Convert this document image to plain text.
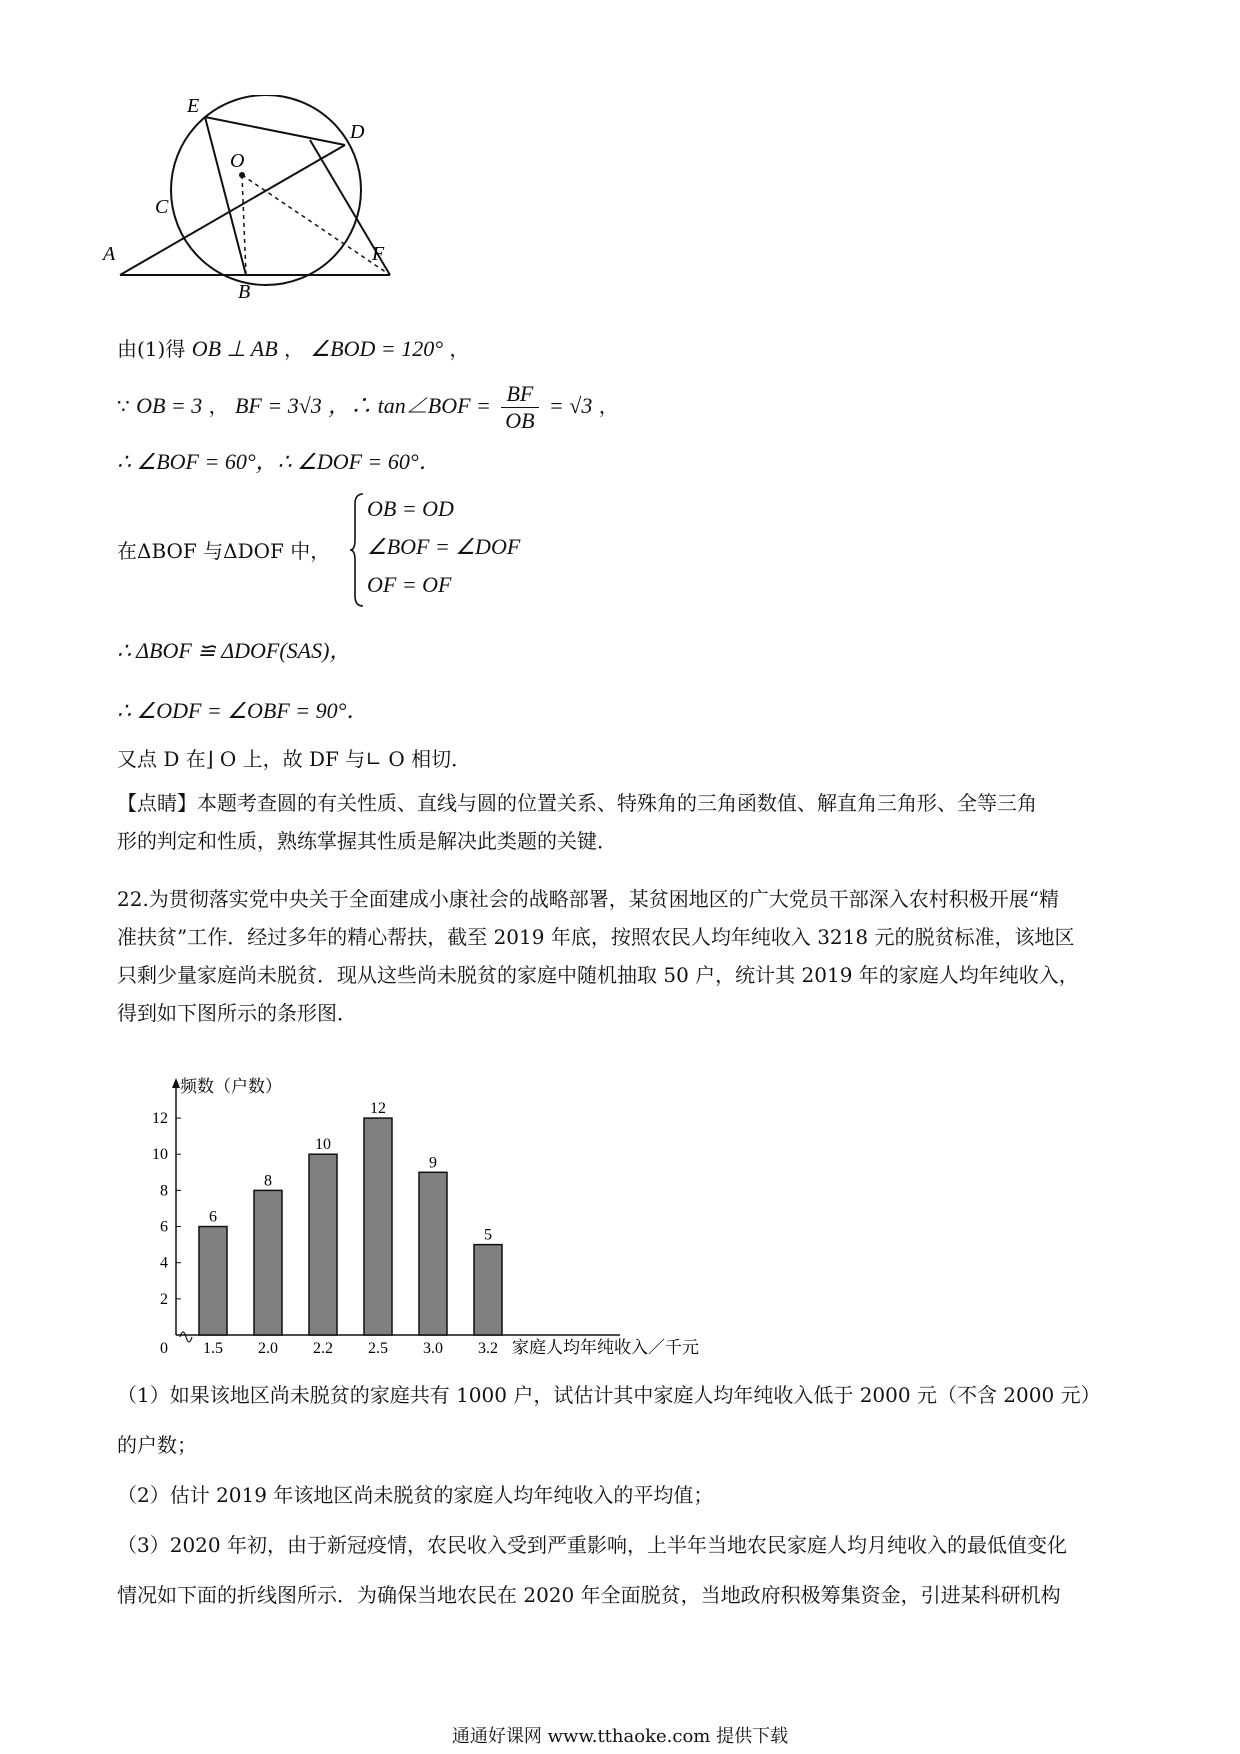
E
D
O
C
A
B
F
由(1)得 OB ⊥ AB ， ∠BOD = 120° ，
∵ OB = 3 ， BF = 3√3 ，∴ tan∠BOF = $\frac{BF}{OB} = √3$ ，
∴ ∠BOF = 60°，∴ ∠DOF = 60°．
在ΔBOF 与ΔDOF 中，
OB = OD
∠BOF = ∠DOF
OF = OF
∴ ΔBOF ≌ ΔDOF(SAS)，
∴ ∠ODF = ∠OBF = 90°．
又点 D 在⌋ O 上，故 DF 与∟ O 相切．
【点睛】本题考查圆的有关性质、直线与圆的位置关系、特殊角的三角函数值、解直角三角形、全等三角
形的判定和性质，熟练掌握其性质是解决此类题的关键．
22.为贯彻落实党中央关于全面建成小康社会的战略部署，某贫困地区的广大党员干部深入农村积极开展“精
准扶贫”工作．经过多年的精心帮扶，截至 2019 年底，按照农民人均年纯收入 3218 元的脱贫标准，该地区
只剩少量家庭尚未脱贫．现从这些尚未脱贫的家庭中随机抽取 50 户，统计其 2019 年的家庭人均年纯收入，
得到如下图所示的条形图．
2
4
6
8
10
12
6
1.5
8
2.0
10
2.2
12
2.5
9
3.0
5
3.2
频数（户数）
家庭人均年纯收入／千元
0
（1）如果该地区尚未脱贫的家庭共有 1000 户，试估计其中家庭人均年纯收入低于 2000 元（不含 2000 元）
的户数；
（2）估计 2019 年该地区尚未脱贫的家庭人均年纯收入的平均值；
（3）2020 年初，由于新冠疫情，农民收入受到严重影响，上半年当地农民家庭人均月纯收入的最低值变化
情况如下面的折线图所示．为确保当地农民在 2020 年全面脱贫，当地政府积极筹集资金，引进某科研机构
通通好课网 www.tthaoke.com 提供下载
